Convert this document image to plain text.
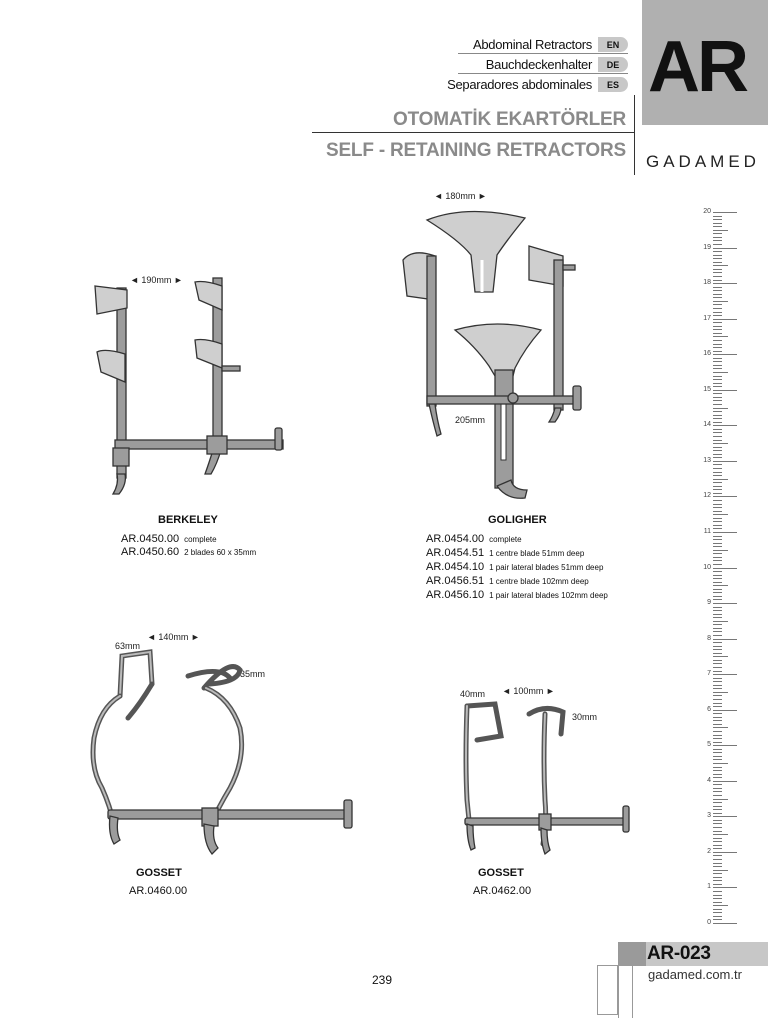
Abdominal Retractors	EN
Bauchdeckenhalter	DE
Separadores abdominales	ES AR
OTOMATİK EKARTÖRLER
SELF - RETAINING RETRACTORS
GADAMED
20
19
18
17
16
15
14
13
12
11
10
9
8
7
6
5
4
3
2
1
0
◄ 190mm ►
BERKELEY
AR.0450.00 complete
AR.0450.60 2 blades 60 x 35mm
◄ 180mm ►
205mm
GOLIGHER
AR.0454.00 complete
AR.0454.51 1 centre blade 51mm deep
AR.0454.10 1 pair lateral blades 51mm deep
AR.0456.51 1 centre blade 102mm deep
AR.0456.10 1 pair lateral blades 102mm deep
◄ 140mm ►
63mm
35mm
GOSSET
AR.0460.00
◄ 100mm ►
40mm
30mm
GOSSET
AR.0462.00
239
AR-023
gadamed.com.tr
